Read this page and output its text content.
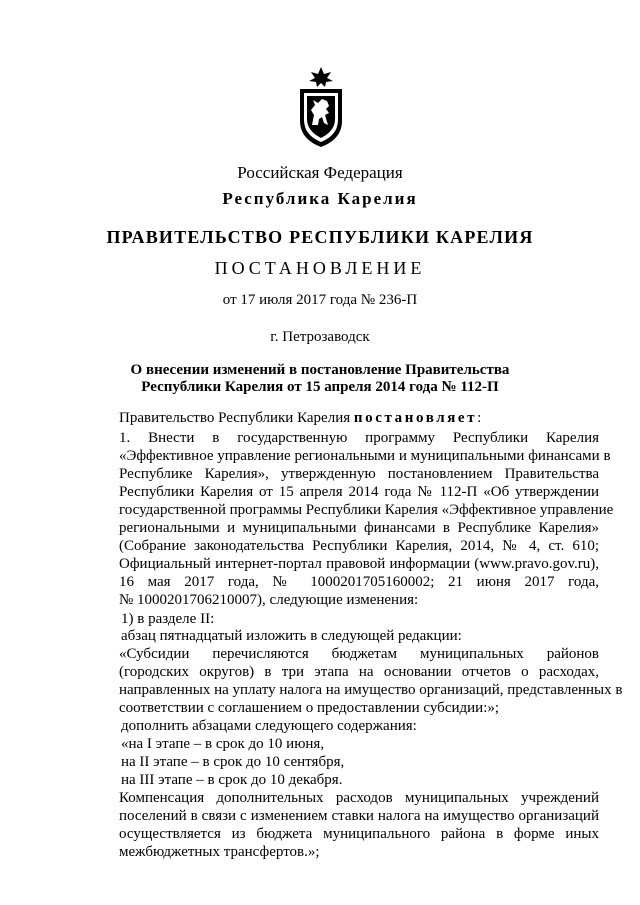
Российская Федерация
Республика Карелия
ПРАВИТЕЛЬСТВО РЕСПУБЛИКИ КАРЕЛИЯ
ПОСТАНОВЛЕНИЕ
от 17 июля 2017 года № 236-П
г. Петрозаводск
О внесении изменений в постановление Правительства
Республики Карелия от 15 апреля 2014 года № 112-П
Правительство Республики Карелия постановляет:
1. Внести в государственную программу Республики Карелия
«Эффективное управление региональными и муниципальными финансами в
Республике Карелия», утвержденную постановлением Правительства
Республики Карелия от 15 апреля 2014 года № 112-П «Об утверждении
государственной программы Республики Карелия «Эффективное управление
региональными и муниципальными финансами в Республике Карелия»
(Собрание законодательства Республики Карелия, 2014, № 4, ст. 610;
Официальный интернет-портал правовой информации (www.pravo.gov.ru),
16 мая 2017 года, № 1000201705160002; 21 июня 2017 года,
№ 1000201706210007), следующие изменения:
1) в разделе II:
абзац пятнадцатый изложить в следующей редакции:
«Субсидии перечисляются бюджетам муниципальных районов
(городских округов) в три этапа на основании отчетов о расходах,
направленных на уплату налога на имущество организаций, представленных в
соответствии с соглашением о предоставлении субсидии:»;
дополнить абзацами следующего содержания:
«на I этапе – в срок до 10 июня,
на II этапе – в срок до 10 сентября,
на III этапе – в срок до 10 декабря.
Компенсация дополнительных расходов муниципальных учреждений
поселений в связи с изменением ставки налога на имущество организаций
осуществляется из бюджета муниципального района в форме иных
межбюджетных трансфертов.»;
